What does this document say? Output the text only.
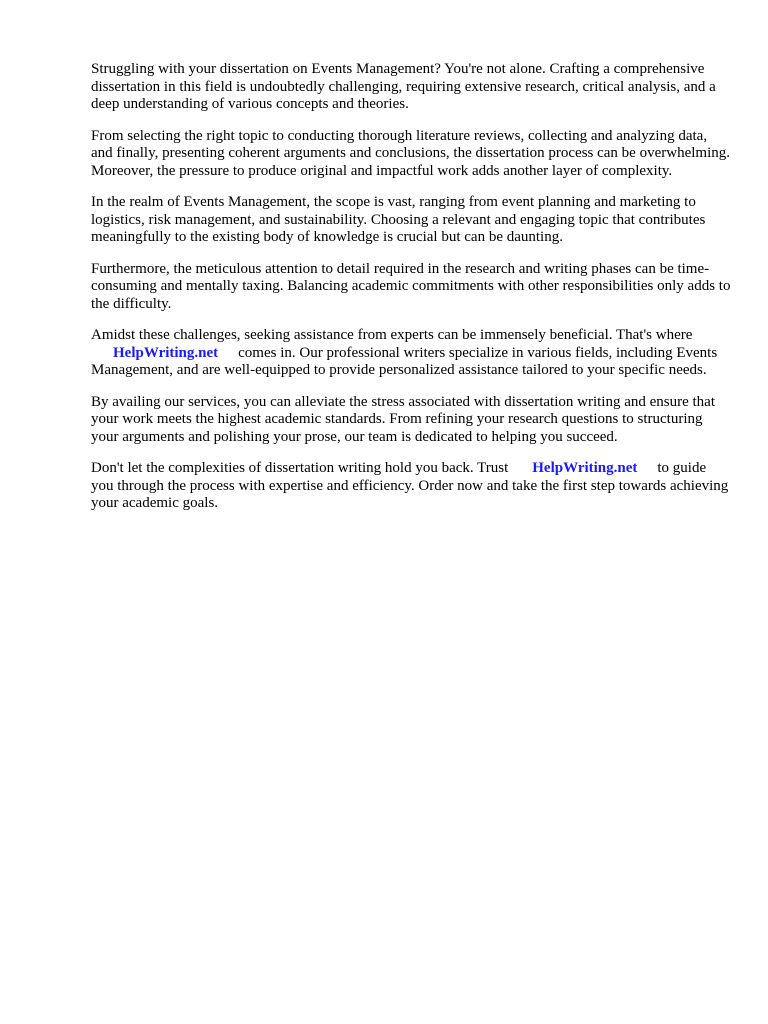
Struggling with your dissertation on Events Management? You're not alone. Crafting a comprehensive dissertation in this field is undoubtedly challenging, requiring extensive research, critical analysis, and a deep understanding of various concepts and theories.

From selecting the right topic to conducting thorough literature reviews, collecting and analyzing data, and finally, presenting coherent arguments and conclusions, the dissertation process can be overwhelming. Moreover, the pressure to produce original and impactful work adds another layer of complexity.

In the realm of Events Management, the scope is vast, ranging from event planning and marketing to logistics, risk management, and sustainability. Choosing a relevant and engaging topic that contributes meaningfully to the existing body of knowledge is crucial but can be daunting.

Furthermore, the meticulous attention to detail required in the research and writing phases can be time-consuming and mentally taxing. Balancing academic commitments with other responsibilities only adds to the difficulty.

Amidst these challenges, seeking assistance from experts can be immensely beneficial. That's where
HelpWriting.net comes in. Our professional writers specialize in various fields, including Events Management, and are well-equipped to provide personalized assistance tailored to your specific needs.

By availing our services, you can alleviate the stress associated with dissertation writing and ensure that your work meets the highest academic standards. From refining your research questions to structuring your arguments and polishing your prose, our team is dedicated to helping you succeed.

Don't let the complexities of dissertation writing hold you back. Trust HelpWriting.net to guide you through the process with expertise and efficiency. Order now and take the first step towards achieving your academic goals.
